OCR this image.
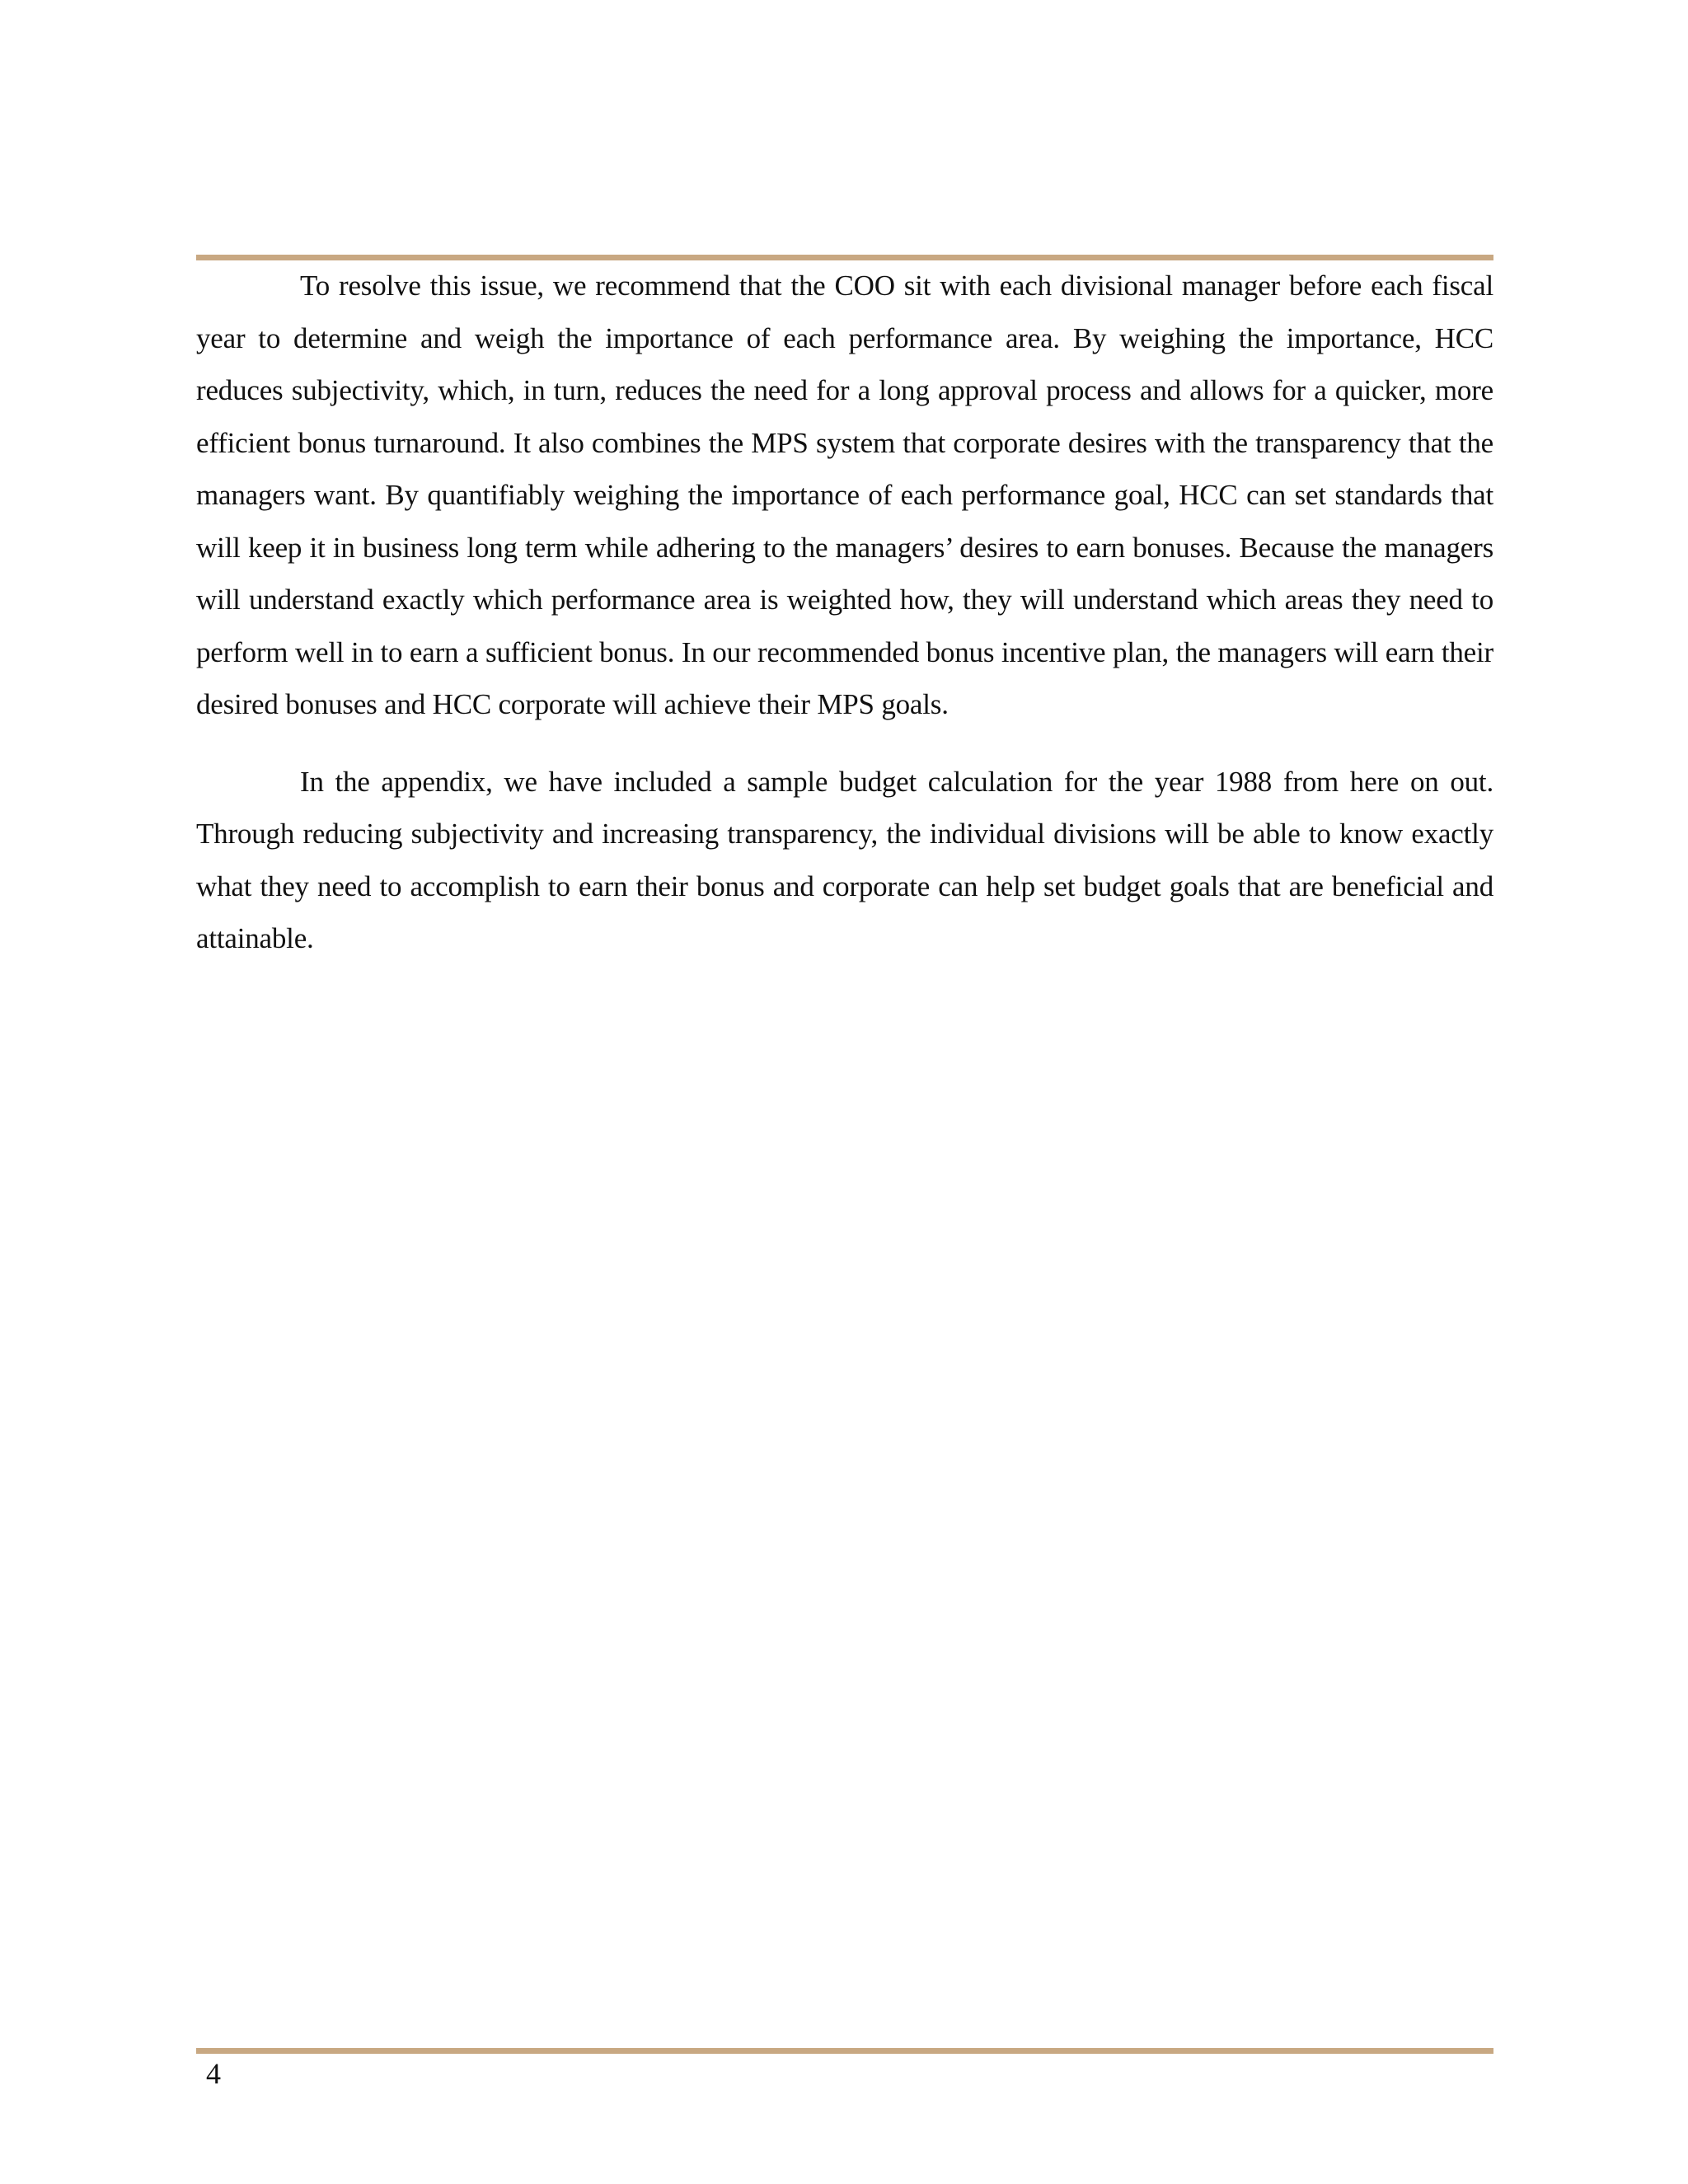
To resolve this issue, we recommend that the COO sit with each divisional manager before each fiscal year to determine and weigh the importance of each performance area. By weighing the importance, HCC reduces subjectivity, which, in turn, reduces the need for a long approval process and allows for a quicker, more efficient bonus turnaround. It also combines the MPS system that corporate desires with the transparency that the managers want. By quantifiably weighing the importance of each performance goal, HCC can set standards that will keep it in business long term while adhering to the managers’ desires to earn bonuses. Because the managers will understand exactly which performance area is weighted how, they will understand which areas they need to perform well in to earn a sufficient bonus. In our recommended bonus incentive plan, the managers will earn their desired bonuses and HCC corporate will achieve their MPS goals.

In the appendix, we have included a sample budget calculation for the year 1988 from here on out. Through reducing subjectivity and increasing transparency, the individual divisions will be able to know exactly what they need to accomplish to earn their bonus and corporate can help set budget goals that are beneficial and attainable.

4
